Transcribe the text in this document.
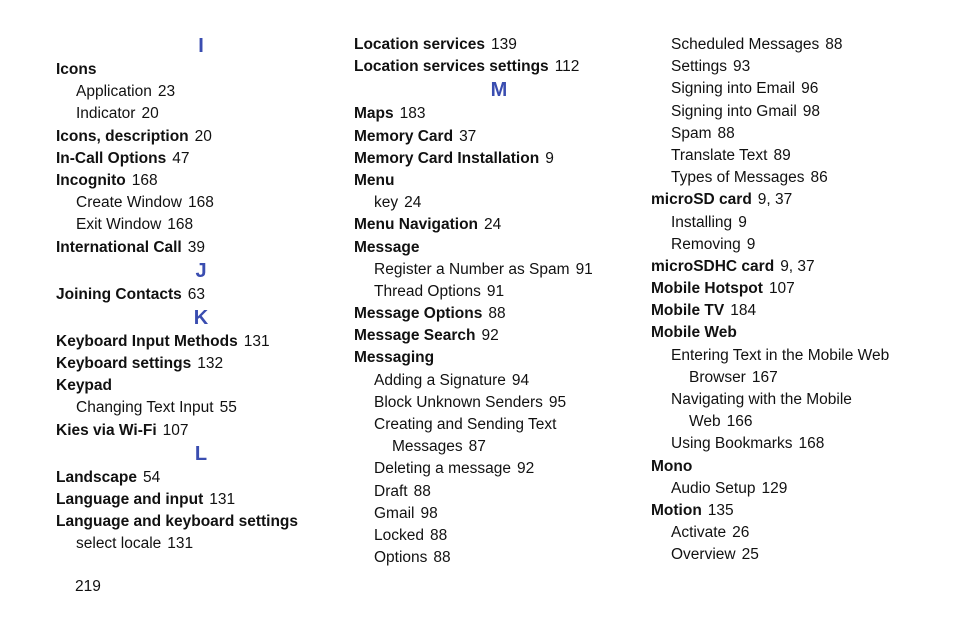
I
Icons
Application 23
Indicator 20
Icons, description 20
In-Call Options 47
Incognito 168
Create Window 168
Exit Window 168
International Call 39
J
Joining Contacts 63
K
Keyboard Input Methods 131
Keyboard settings 132
Keypad
Changing Text Input 55
Kies via Wi-Fi 107
L
Landscape 54
Language and input 131
Language and keyboard settings
select locale 131
Location services 139
Location services settings 112
M
Maps 183
Memory Card 37
Memory Card Installation 9
Menu
key 24
Menu Navigation 24
Message
Register a Number as Spam 91
Thread Options 91
Message Options 88
Message Search 92
Messaging
Adding a Signature 94
Block Unknown Senders 95
Creating and Sending Text
Messages 87
Deleting a message 92
Draft 88
Gmail 98
Locked 88
Options 88
Scheduled Messages 88
Settings 93
Signing into Email 96
Signing into Gmail 98
Spam 88
Translate Text 89
Types of Messages 86
microSD card 9, 37
Installing 9
Removing 9
microSDHC card 9, 37
Mobile Hotspot 107
Mobile TV 184
Mobile Web
Entering Text in the Mobile Web
Browser 167
Navigating with the Mobile
Web 166
Using Bookmarks 168
Mono
Audio Setup 129
Motion 135
Activate 26
Overview 25
219
